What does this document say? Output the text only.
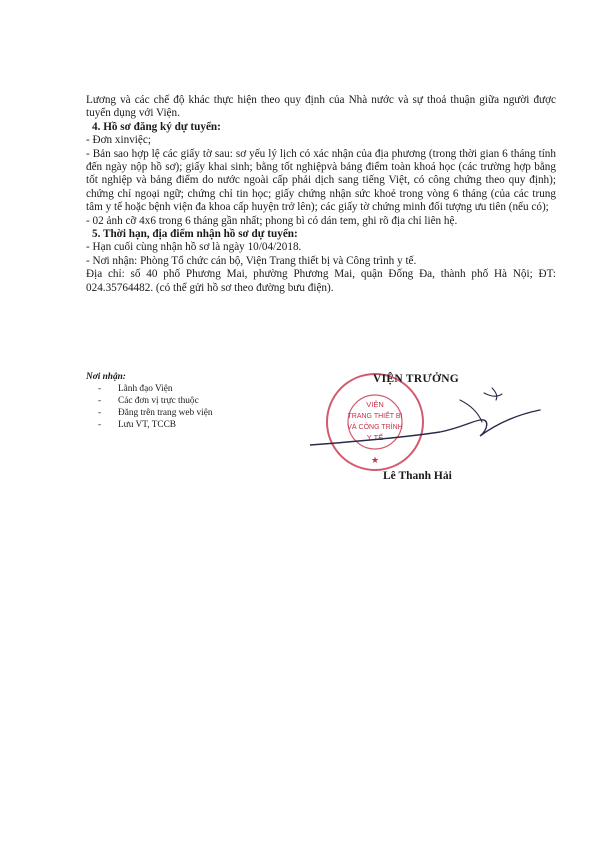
Lương và các chế độ khác thực hiện theo quy định của Nhà nước và sự thoả thuận giữa người được tuyển dụng với Viện.

4. Hồ sơ đăng ký dự tuyển:

- Đơn xinviệc;

- Bản sao hợp lệ các giấy tờ sau: sơ yếu lý lịch có xác nhận của địa phương (trong thời gian 6 tháng tính đến ngày nộp hồ sơ); giấy khai sinh; bằng tốt nghiệpvà bảng điểm toàn khoá học (các trường hợp bằng tốt nghiệp và bảng điểm do nước ngoài cấp phải dịch sang tiếng Việt, có công chứng theo quy định); chứng chỉ ngoại ngữ; chứng chỉ tin học; giấy chứng nhận sức khoẻ trong vòng 6 tháng (của các trung tâm y tế hoặc bệnh viện đa khoa cấp huyện trở lên); các giấy tờ chứng minh đối tượng ưu tiên (nếu có);

- 02 ảnh cỡ 4x6 trong 6 tháng gần nhất; phong bì có dán tem, ghi rõ địa chỉ liên hệ.

5. Thời hạn, địa điểm nhận hồ sơ dự tuyển:

- Hạn cuối cùng nhận hồ sơ là ngày 10/04/2018.

- Nơi nhận: Phòng Tổ chức cán bộ, Viện Trang thiết bị và Công trình y tế.

Địa chỉ: số 40 phố Phương Mai, phường Phương Mai, quận Đống Đa, thành phố Hà Nội; ĐT: 024.35764482. (có thể gửi hồ sơ theo đường bưu điện).

Nơi nhận:
- Lãnh đạo Viện
- Các đơn vị trực thuộc
- Đăng trên trang web viện
- Lưu VT, TCCB
VIỆN
TRANG THIẾT BỊ
VÀ CÔNG TRÌNH
Y TẾ
★
VIỆN TRƯỞNG
Lê Thanh Hải
